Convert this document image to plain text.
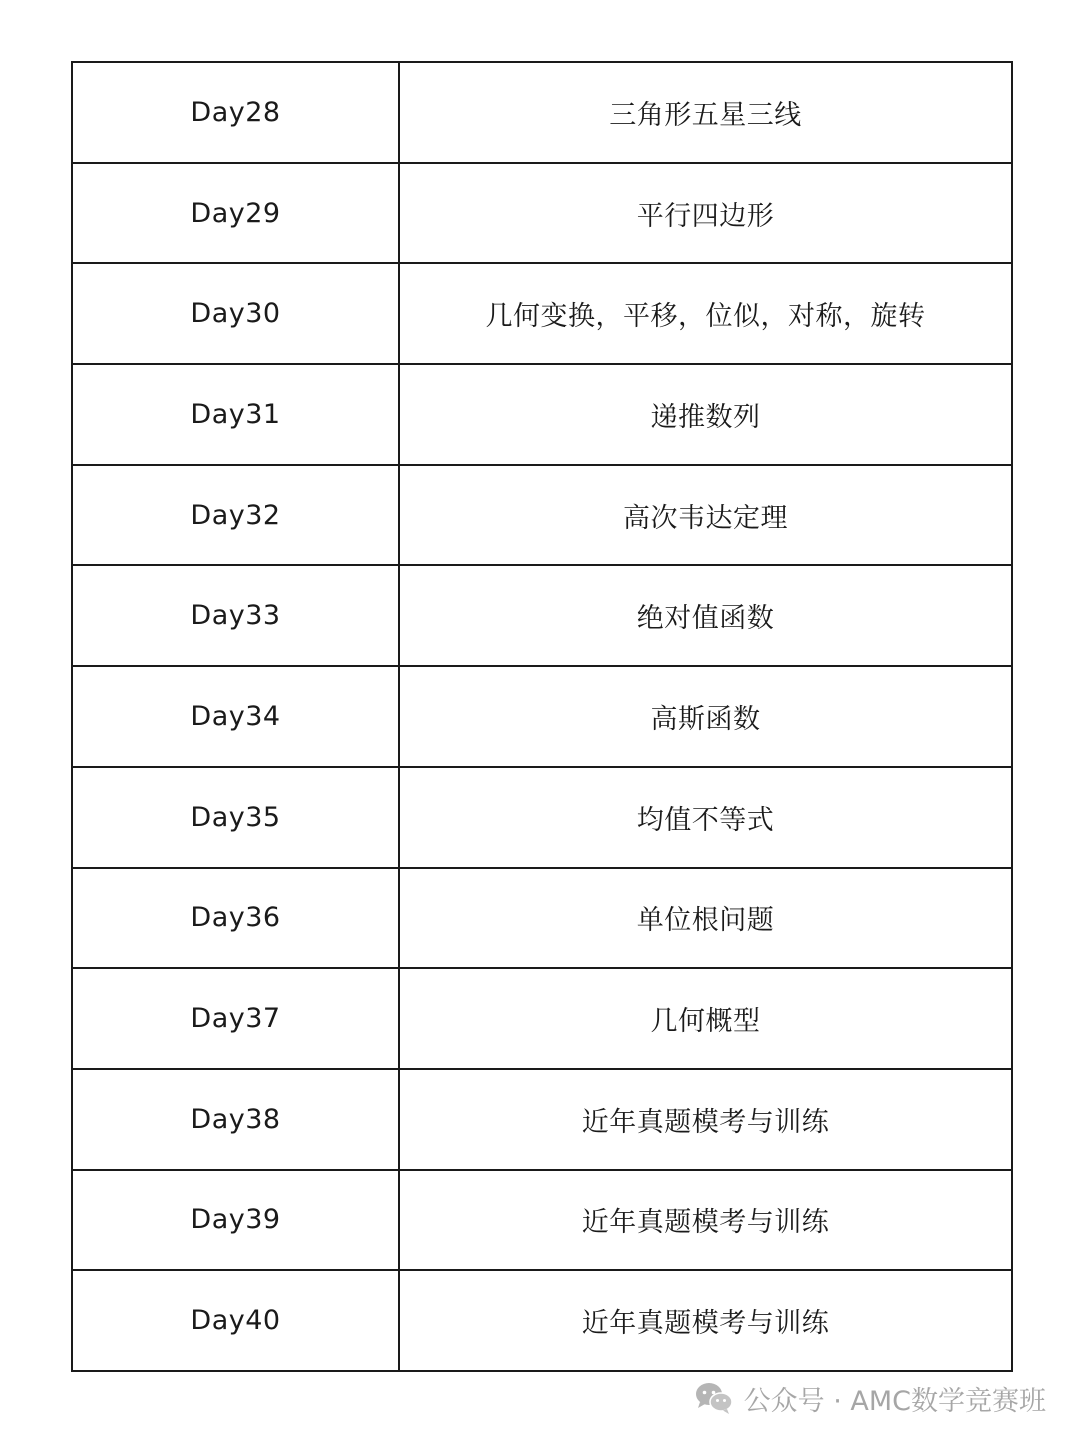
Day28	三角形五星三线
Day29	平行四边形
Day30	几何变换，平移，位似，对称，旋转
Day31	递推数列
Day32	高次韦达定理
Day33	绝对值函数
Day34	高斯函数
Day35	均值不等式
Day36	单位根问题
Day37	几何概型
Day38	近年真题模考与训练
Day39	近年真题模考与训练
Day40	近年真题模考与训练
公众号 · AMC数学竞赛班
